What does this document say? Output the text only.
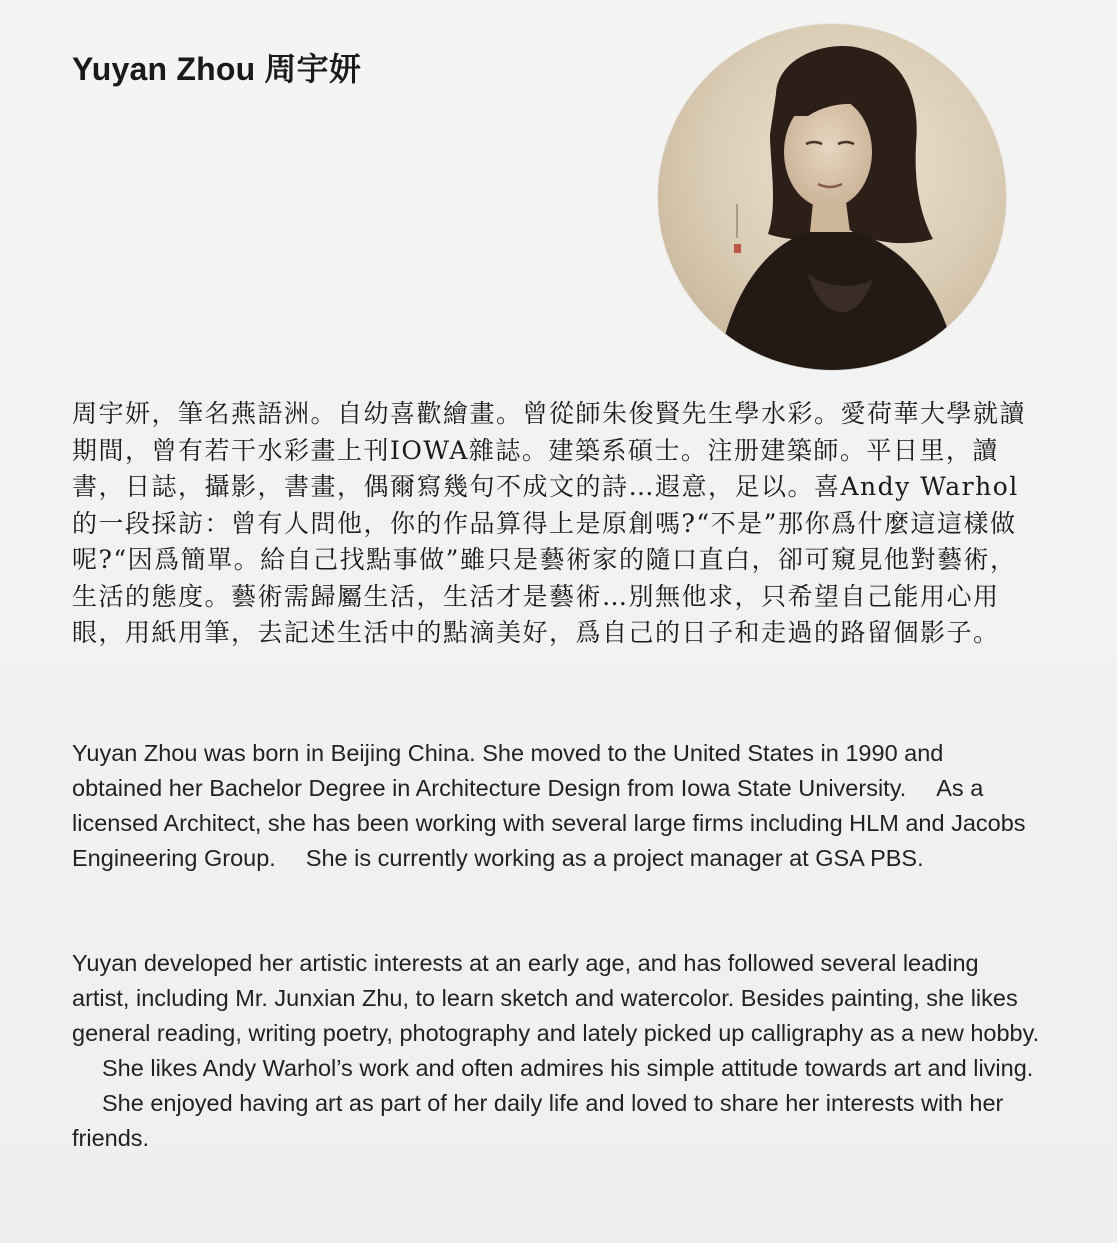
Yuyan Zhou 周宇妍

周宇妍，筆名燕語洲。自幼喜歡繪畫。曾從師朱俊賢先生學水彩。愛荷華大學就讀期間，曾有若干水彩畫上刊IOWA雜誌。建築系碩士。注册建築師。平日里，讀書，日誌，攝影，書畫，偶爾寫幾句不成文的詩…遐意，足以。喜Andy Warhol的一段採訪：曾有人問他，你的作品算得上是原創嗎?“不是”那你爲什麼這這樣做呢?“因爲簡單。給自己找點事做”雖只是藝術家的隨口直白，卻可窺見他對藝術，生活的態度。藝術需歸屬生活，生活才是藝術…別無他求，只希望自己能用心用眼，用紙用筆，去記述生活中的點滴美好，爲自己的日子和走過的路留個影子。

Yuyan Zhou was born in Beijing China. She moved to the United States in 1990 and obtained her Bachelor Degree in Architecture Design from Iowa State University. As a licensed Architect, she has been working with several large firms including HLM and Jacobs Engineering Group. She is currently working as a project manager at GSA PBS.

Yuyan developed her artistic interests at an early age, and has followed several leading artist, including Mr. Junxian Zhu, to learn sketch and watercolor. Besides painting, she likes general reading, writing poetry, photography and lately picked up calligraphy as a new hobby.She likes Andy Warhol’s work and often admires his simple attitude towards art and living.She enjoyed having art as part of her daily life and loved to share her interests with her friends.
